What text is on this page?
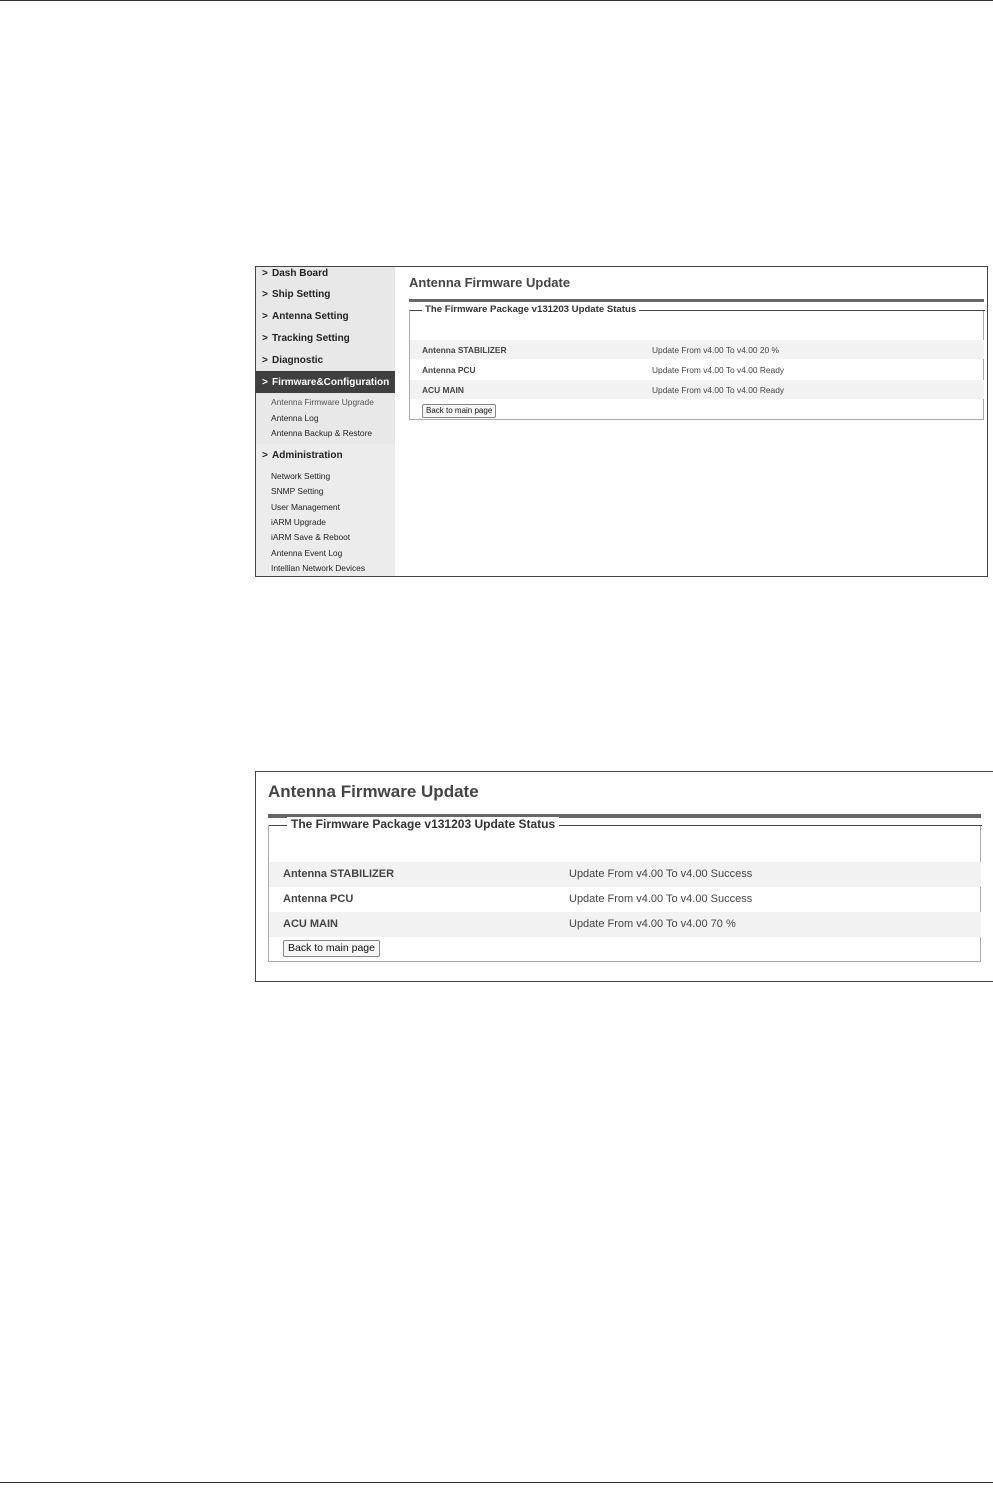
> Dash Board
> Ship Setting
> Antenna Setting
> Tracking Setting
> Diagnostic
> Firmware&Configuration
Antenna Firmware Upgrade
Antenna Log
Antenna Backup & Restore
> Administration
Network Setting
SNMP Setting
User Management
iARM Upgrade
iARM Save & Reboot
Antenna Event Log
Intellian Network Devices
Antenna Firmware Update
The Firmware Package v131203 Update Status
Antenna STABILIZER	Update From v4.00 To v4.00 20 %
Antenna PCU	Update From v4.00 To v4.00 Ready
ACU MAIN	Update From v4.00 To v4.00 Ready
Back to main page
Antenna Firmware Update
The Firmware Package v131203 Update Status
Antenna STABILIZER	Update From v4.00 To v4.00 Success
Antenna PCU	Update From v4.00 To v4.00 Success
ACU MAIN	Update From v4.00 To v4.00 70 %
Back to main page
